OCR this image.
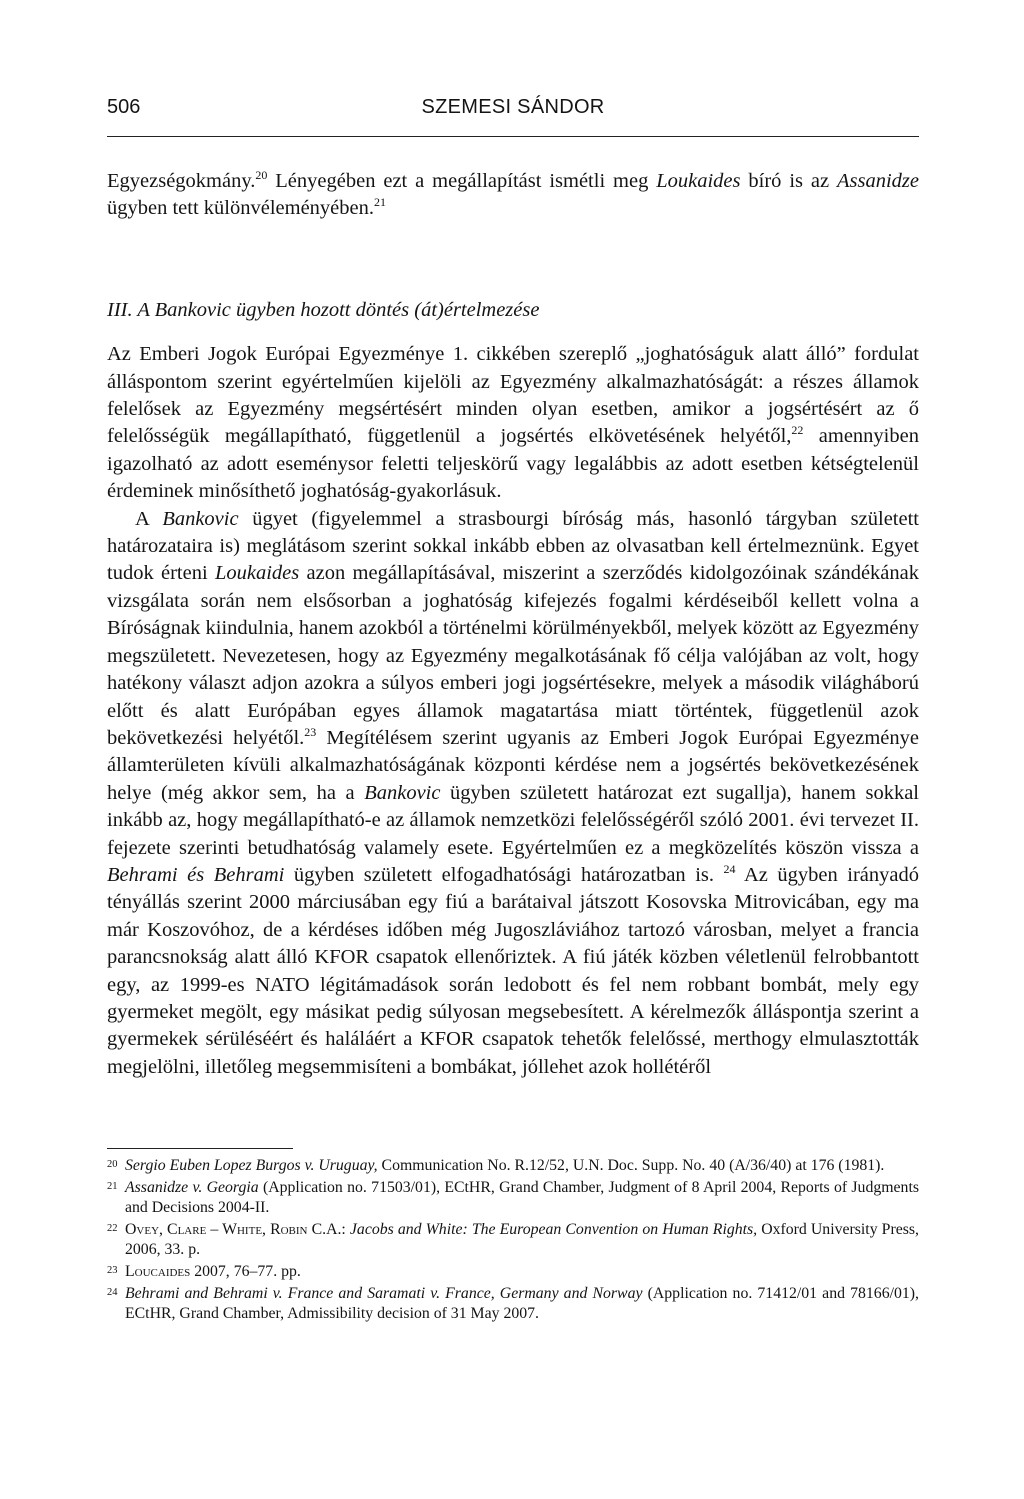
506	SZEMESI SÁNDOR

Egyezségokmány.$^{20}$ Lényegében ezt a megállapítást ismétli meg Loukaides bíró is az Assanidze ügyben tett különvéleményében.$^{21}$

III. A Bankovic ügyben hozott döntés (át)értelmezése

Az Emberi Jogok Európai Egyezménye 1. cikkében szereplő „joghatóságuk alatt álló” fordulat álláspontom szerint egyértelműen kijelöli az Egyezmény alkalmazhatóságát: a részes államok felelősek az Egyezmény megsértésért minden olyan esetben, amikor a jogsértésért az ő felelősségük megállapítható, függetlenül a jogsértés elkövetésének helyétől,$^{22}$ amennyiben igazolható az adott eseménysor feletti teljeskörű vagy legalábbis az adott esetben kétségtelenül érdeminek minősíthető joghatóság-gyakorlásuk.

A Bankovic ügyet (figyelemmel a strasbourgi bíróság más, hasonló tárgyban született határozataira is) meglátásom szerint sokkal inkább ebben az olvasatban kell értelmeznünk. Egyet tudok érteni Loukaides azon megállapításával, miszerint a szerződés kidolgozóinak szándékának vizsgálata során nem elsősorban a joghatóság kifejezés fogalmi kérdéseiből kellett volna a Bíróságnak kiindulnia, hanem azokból a történelmi körülményekből, melyek között az Egyezmény megszületett. Nevezetesen, hogy az Egyezmény megalkotásának fő célja valójában az volt, hogy hatékony választ adjon azokra a súlyos emberi jogi jogsértésekre, melyek a második világháború előtt és alatt Európában egyes államok magatartása miatt történtek, függetlenül azok bekövetkezési helyétől.$^{23}$ Megítélésem szerint ugyanis az Emberi Jogok Európai Egyezménye államterületen kívüli alkalmazhatóságának központi kérdése nem a jogsértés bekövetkezésének helye (még akkor sem, ha a Bankovic ügyben született határozat ezt sugallja), hanem sokkal inkább az, hogy megállapítható-e az államok nemzetközi felelősségéről szóló 2001. évi tervezet II. fejezete szerinti betudhatóság valamely esete. Egyértelműen ez a megközelítés köszön vissza a Behrami és Behrami ügyben született elfogadhatósági határozatban is. $^{24}$ Az ügyben irányadó tényállás szerint 2000 márciusában egy fiú a barátaival játszott Kosovska Mitrovicában, egy ma már Koszovóhoz, de a kérdéses időben még Jugoszláviához tartozó városban, melyet a francia parancsnokság alatt álló KFOR csapatok ellenőriztek. A fiú játék közben véletlenül felrobbantott egy, az 1999-es NATO légitámadások során ledobott és fel nem robbant bombát, mely egy gyermeket megölt, egy másikat pedig súlyosan megsebesített. A kérelmezők álláspontja szerint a gyermekek sérüléséért és haláláért a KFOR csapatok tehetők felelőssé, merthogy elmulasztották megjelölni, illetőleg megsemmisíteni a bombákat, jóllehet azok hollétéről

20 Sergio Euben Lopez Burgos v. Uruguay, Communication No. R.12/52, U.N. Doc. Supp. No. 40 (A/36/40) at 176 (1981).

21 Assanidze v. Georgia (Application no. 71503/01), ECtHR, Grand Chamber, Judgment of 8 April 2004, Reports of Judgments and Decisions 2004-II.

22 Ovey, Clare – White, Robin C.A.: Jacobs and White: The European Convention on Human Rights, Oxford University Press, 2006, 33. p.

23 Loucaides 2007, 76–77. pp.

24 Behrami and Behrami v. France and Saramati v. France, Germany and Norway (Application no. 71412/01 and 78166/01), ECtHR, Grand Chamber, Admissibility decision of 31 May 2007.
